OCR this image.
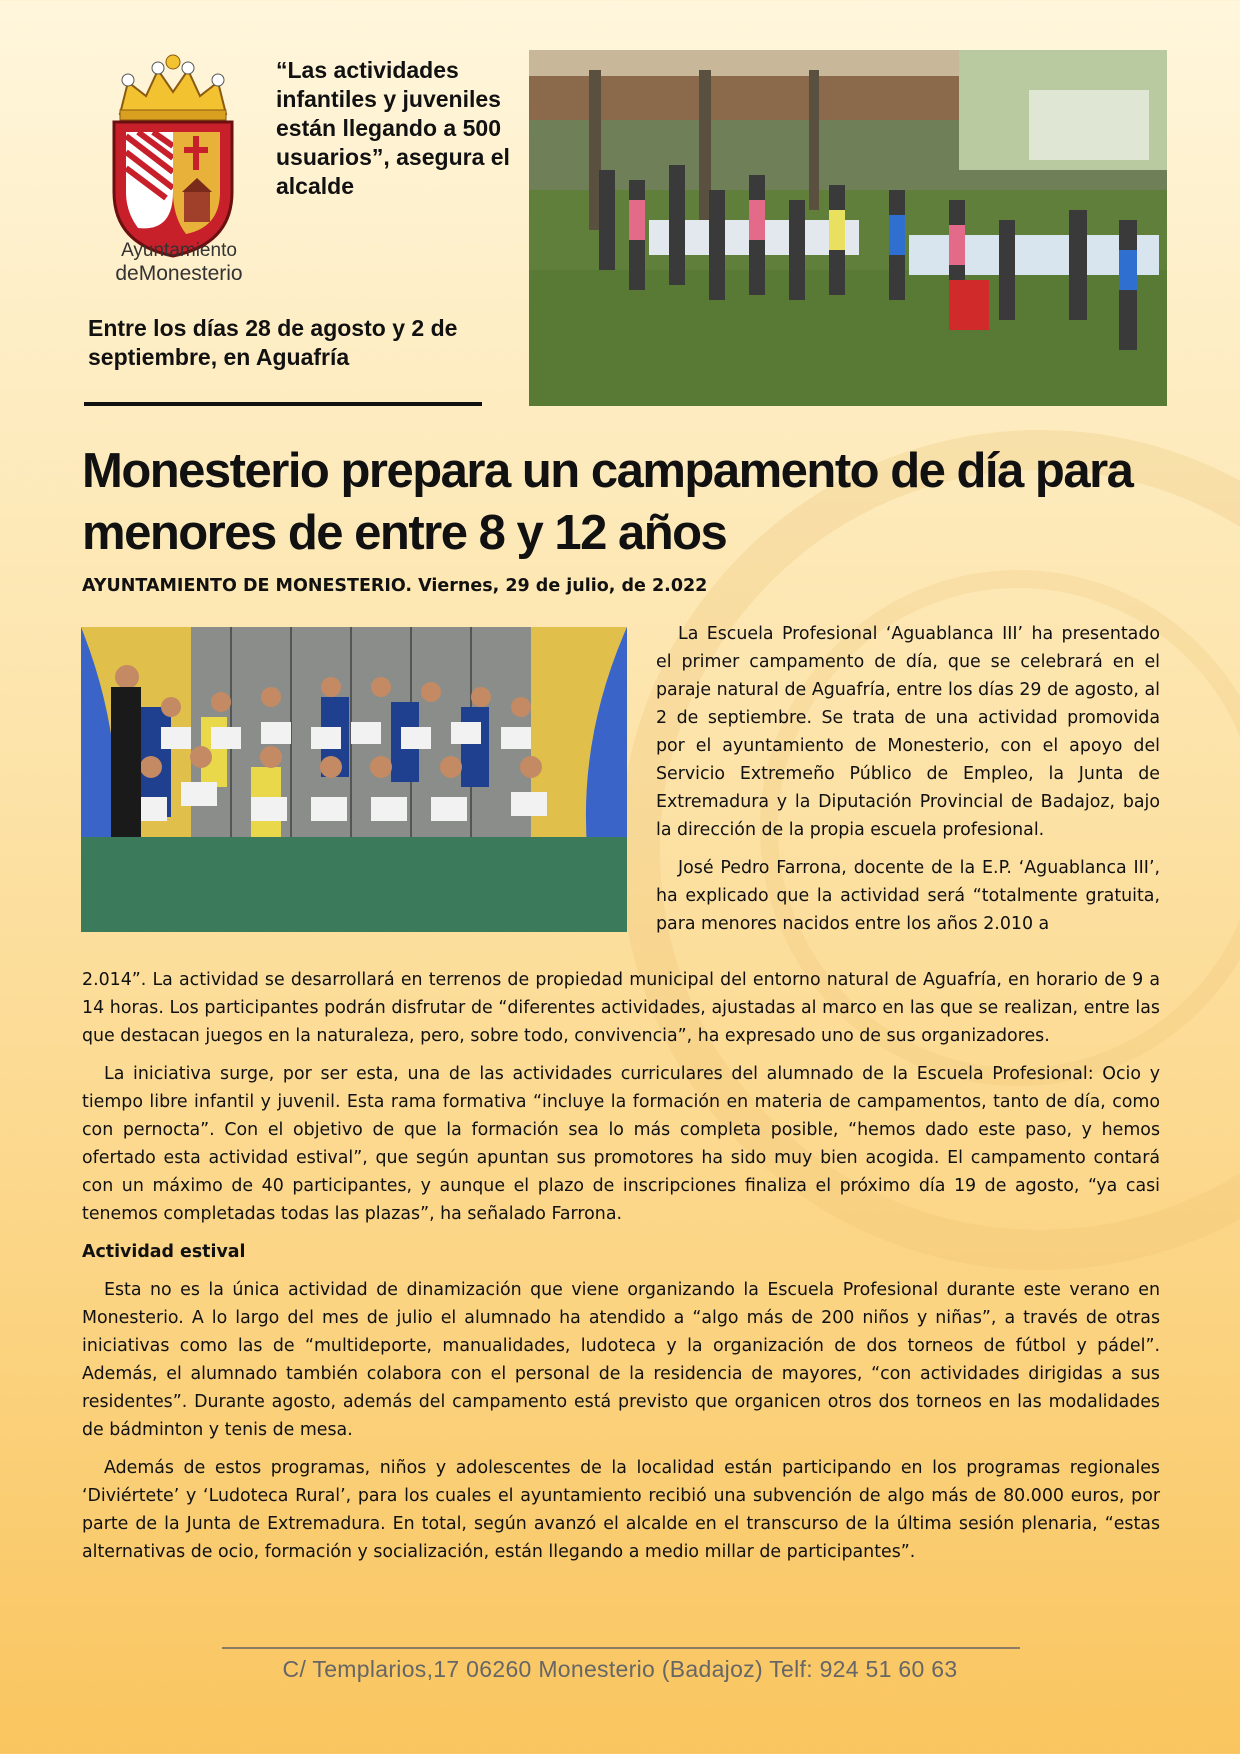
Ayuntamiento
deMonesterio
“Las actividades infantiles y juveniles están llegando a 500 usuarios”, asegura el alcalde
Entre los días 28 de agosto y 2 de septiembre, en Aguafría
Monesterio prepara un campamento de día para menores de entre 8 y 12 años
AYUNTAMIENTO DE MONESTERIO. Viernes, 29 de julio, de 2.022

La Escuela Profesional ‘Aguablanca III’ ha presentado el primer campamento de día, que se celebrará en el paraje natural de Aguafría, entre los días 29 de agosto, al 2 de septiembre. Se trata de una actividad promovida por el ayuntamiento de Monesterio, con el apoyo del Servicio Extremeño Público de Empleo, la Junta de Extremadura y la Diputación Provincial de Badajoz, bajo la dirección de la propia escuela profesional.

José Pedro Farrona, docente de la E.P. ‘Aguablanca III’, ha explicado que la actividad será “totalmente gratuita, para menores nacidos entre los años 2.010 a

2.014”. La actividad se desarrollará en terrenos de propiedad municipal del entorno natural de Aguafría, en horario de 9 a 14 horas. Los participantes podrán disfrutar de “diferentes actividades, ajustadas al marco en las que se realizan, entre las que destacan juegos en la naturaleza, pero, sobre todo, convivencia”, ha expresado uno de sus organizadores.

La iniciativa surge, por ser esta, una de las actividades curriculares del alumnado de la Escuela Profesional: Ocio y tiempo libre infantil y juvenil. Esta rama formativa “incluye la formación en materia de campamentos, tanto de día, como con pernocta”. Con el objetivo de que la formación sea lo más completa posible, “hemos dado este paso, y hemos ofertado esta actividad estival”, que según apuntan sus promotores ha sido muy bien acogida. El campamento contará con un máximo de 40 participantes, y aunque el plazo de inscripciones finaliza el próximo día 19 de agosto, “ya casi tenemos completadas todas las plazas”, ha señalado Farrona.

Actividad estival

Esta no es la única actividad de dinamización que viene organizando la Escuela Profesional durante este verano en Monesterio. A lo largo del mes de julio el alumnado ha atendido a “algo más de 200 niños y niñas”, a través de otras iniciativas como las de “multideporte, manualidades, ludoteca y la organización de dos torneos de fútbol y pádel”. Además, el alumnado también colabora con el personal de la residencia de mayores, “con actividades dirigidas a sus residentes”. Durante agosto, además del campamento está previsto que organicen otros dos torneos en las modalidades de bádminton y tenis de mesa.

Además de estos programas, niños y adolescentes de la localidad están participando en los programas regionales ‘Diviértete’ y ‘Ludoteca Rural’, para los cuales el ayuntamiento recibió una subvención de algo más de 80.000 euros, por parte de la Junta de Extremadura. En total, según avanzó el alcalde en el transcurso de la última sesión plenaria, “estas alternativas de ocio, formación y socialización, están llegando a medio millar de participantes”.

C/ Templarios,17 06260 Monesterio (Badajoz) Telf: 924 51 60 63
